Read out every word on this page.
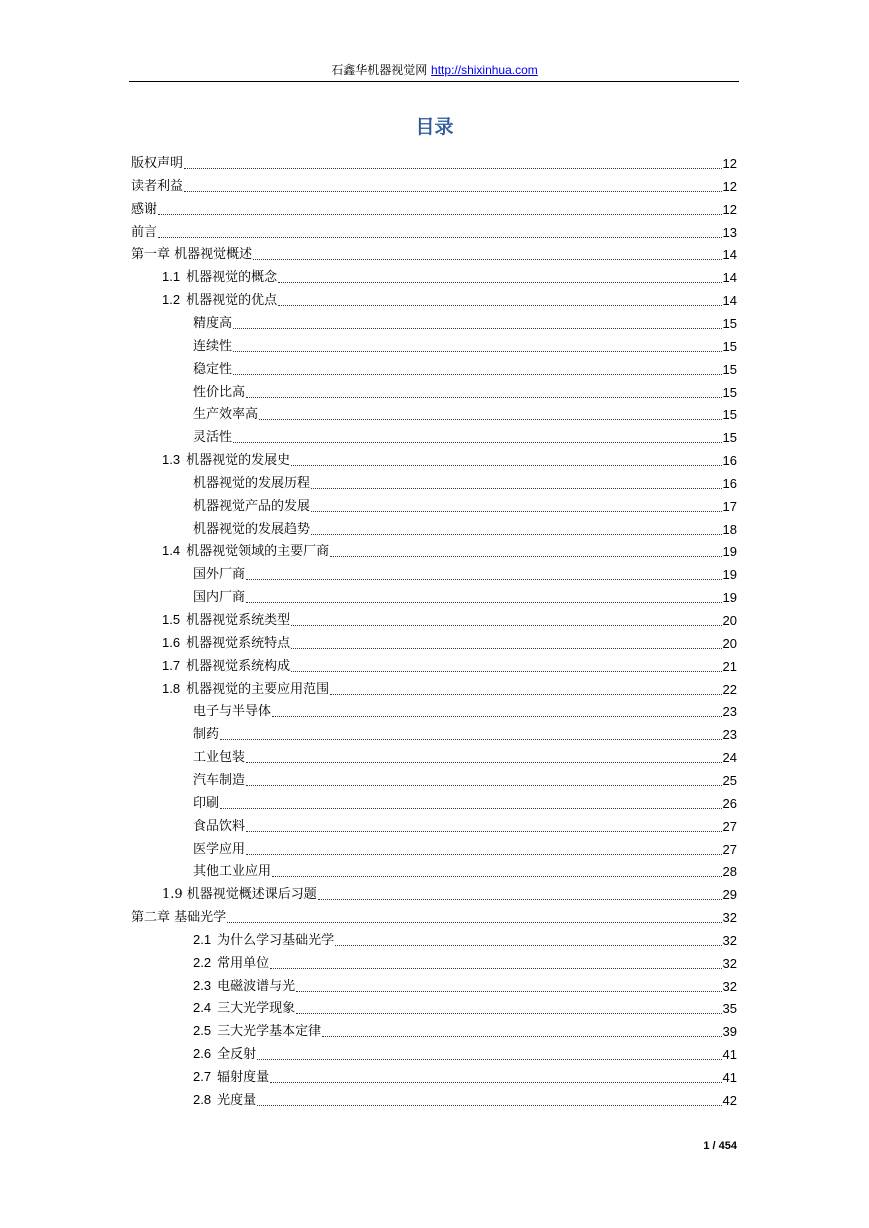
石鑫华机器视觉网 http://shixinhua.com
目录
版权声明	12
读者利益	12
感谢	12
前言	13
第一章 机器视觉概述	14
1.1 机器视觉的概念	14
1.2 机器视觉的优点	14
精度高	15
连续性	15
稳定性	15
性价比高	15
生产效率高	15
灵活性	15
1.3 机器视觉的发展史	16
机器视觉的发展历程	16
机器视觉产品的发展	17
机器视觉的发展趋势	18
1.4 机器视觉领域的主要厂商	19
国外厂商	19
国内厂商	19
1.5 机器视觉系统类型	20
1.6 机器视觉系统特点	20
1.7 机器视觉系统构成	21
1.8 机器视觉的主要应用范围	22
电子与半导体	23
制药	23
工业包装	24
汽车制造	25
印刷	26
食品饮料	27
医学应用	27
其他工业应用	28
1.9 机器视觉概述课后习题	29
第二章 基础光学	32
2.1 为什么学习基础光学	32
2.2 常用单位	32
2.3 电磁波谱与光	32
2.4 三大光学现象	35
2.5 三大光学基本定律	39
2.6 全反射	41
2.7 辐射度量	41
2.8 光度量	42
1 / 454
